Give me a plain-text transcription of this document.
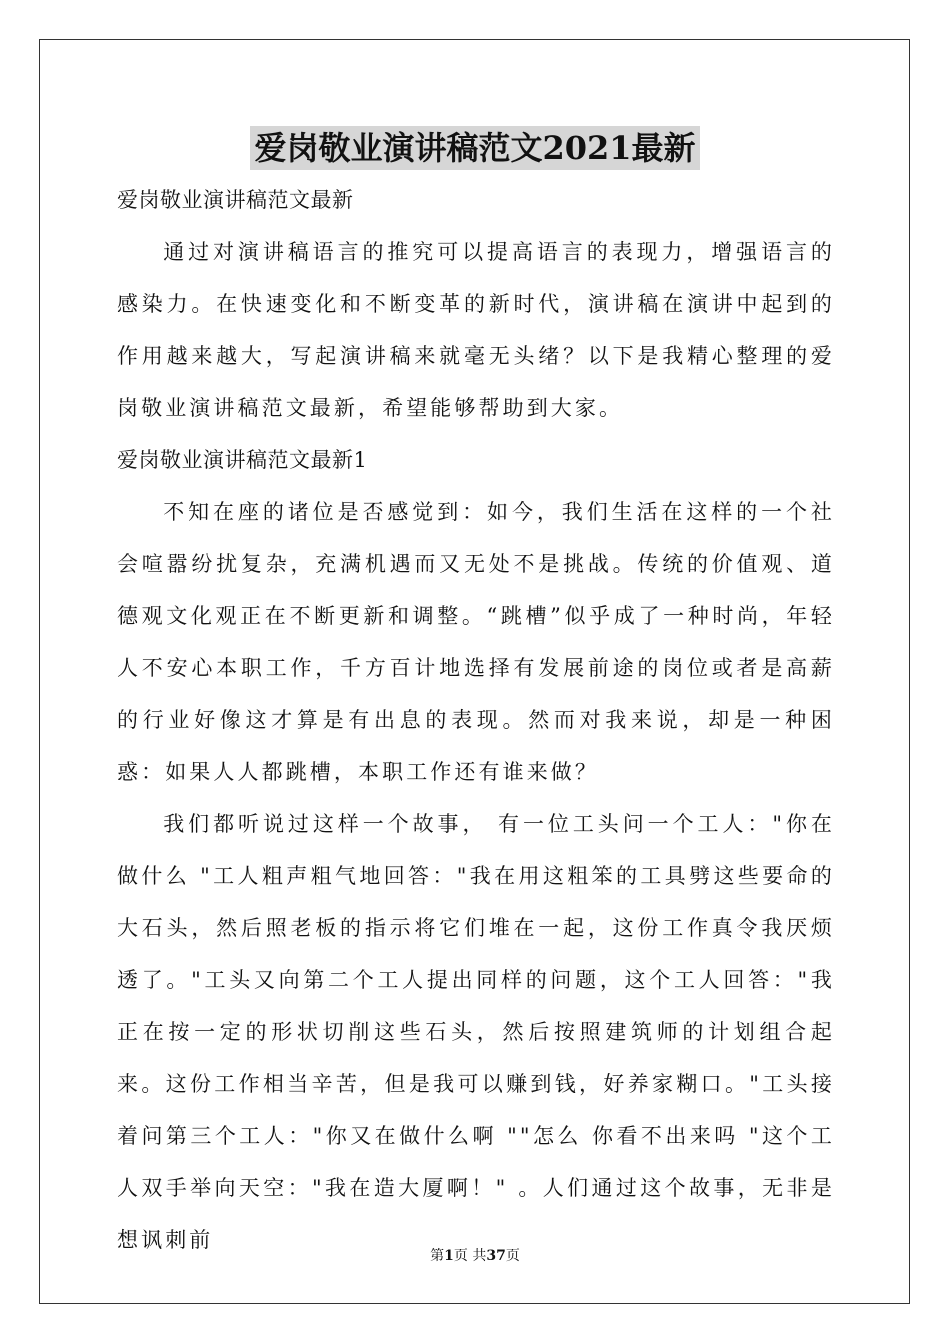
爱岗敬业演讲稿范文2021最新
爱岗敬业演讲稿范文最新
通过对演讲稿语言的推究可以提高语言的表现力，增强语言的感染力。在快速变化和不断变革的新时代，演讲稿在演讲中起到的作用越来越大，写起演讲稿来就毫无头绪？以下是我精心整理的爱岗敬业演讲稿范文最新，希望能够帮助到大家。
爱岗敬业演讲稿范文最新1
不知在座的诸位是否感觉到：如今，我们生活在这样的一个社会喧嚣纷扰复杂，充满机遇而又无处不是挑战。传统的价值观、道德观文化观正在不断更新和调整。“跳槽”似乎成了一种时尚，年轻人不安心本职工作，千方百计地选择有发展前途的岗位或者是高薪的行业好像这才算是有出息的表现。然而对我来说，却是一种困惑：如果人人都跳槽，本职工作还有谁来做？
我们都听说过这样一个故事， 有一位工头问一个工人："你在做什么 "工人粗声粗气地回答："我在用这粗笨的工具劈这些要命的大石头，然后照老板的指示将它们堆在一起，这份工作真令我厌烦透了。"工头又向第二个工人提出同样的问题，这个工人回答："我正在按一定的形状切削这些石头，然后按照建筑师的计划组合起来。这份工作相当辛苦，但是我可以赚到钱，好养家糊口。"工头接着问第三个工人："你又在做什么啊 ""怎么 你看不出来吗 "这个工人双手举向天空："我在造大厦啊！" 。人们通过这个故事，无非是想讽刺前
第1页 共37页
